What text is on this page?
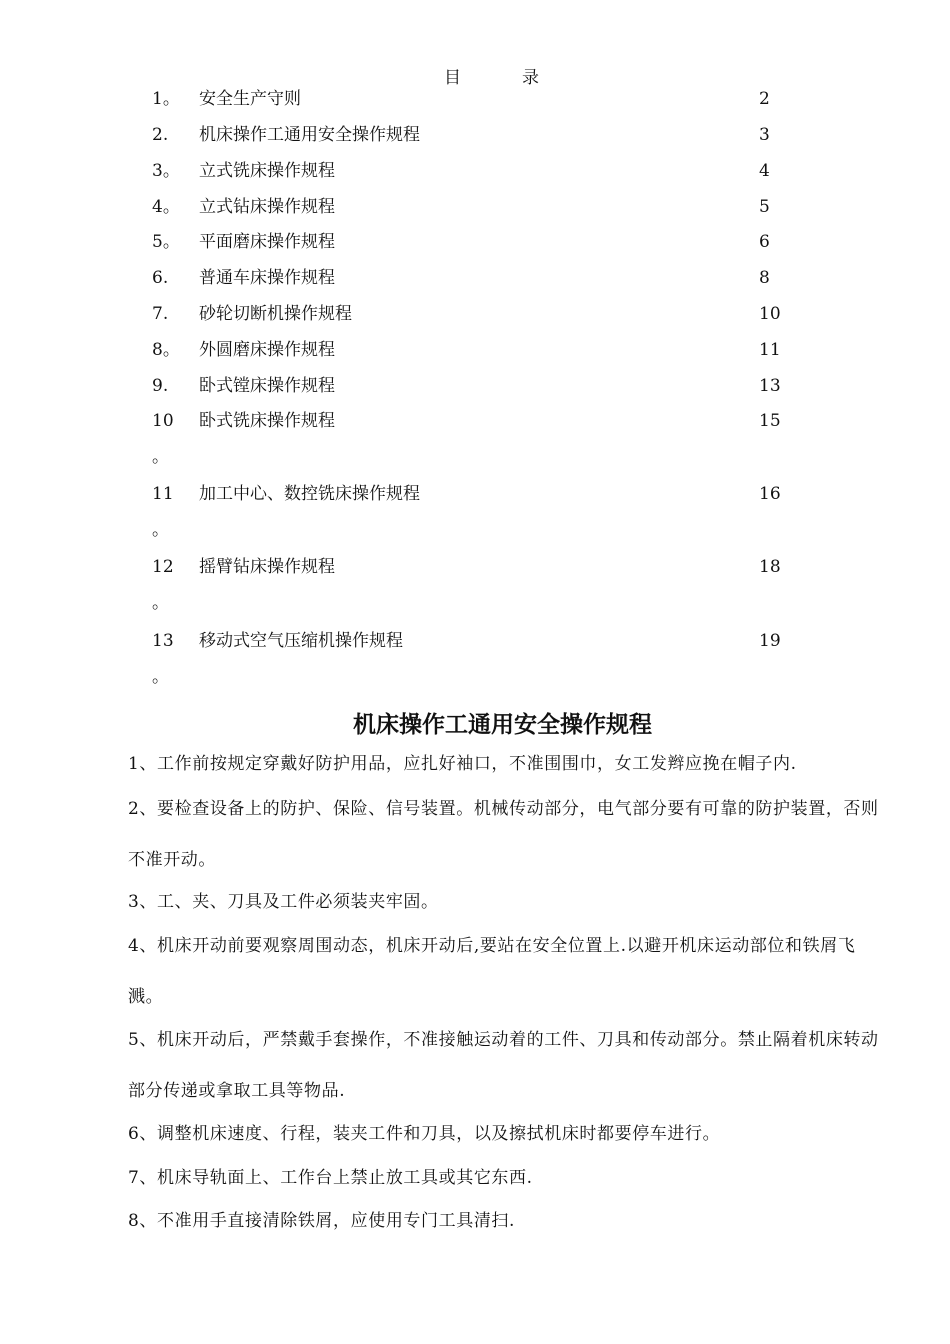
目　录
1。 安全生产守则	2
2. 机床操作工通用安全操作规程	3
3。 立式铣床操作规程	4
4。 立式钻床操作规程	5
5。 平面磨床操作规程	6
6. 普通车床操作规程	8
7. 砂轮切断机操作规程	10
8。 外圆磨床操作规程	11
9. 卧式镗床操作规程	13
10 卧式铣床操作规程	15
。
11 加工中心、数控铣床操作规程	16
。
12 摇臂钻床操作规程	18
。
13 移动式空气压缩机操作规程	19
。
机床操作工通用安全操作规程

1、工作前按规定穿戴好防护用品，应扎好袖口，不准围围巾，女工发辫应挽在帽子内.

2、要检查设备上的防护、保险、信号装置。机械传动部分，电气部分要有可靠的防护装置，否则不准开动。

3、工、夹、刀具及工件必须装夹牢固。

4、机床开动前要观察周围动态，机床开动后,要站在安全位置上.以避开机床运动部位和铁屑飞溅。

5、机床开动后，严禁戴手套操作，不准接触运动着的工件、刀具和传动部分。禁止隔着机床转动部分传递或拿取工具等物品.

6、调整机床速度、行程，装夹工件和刀具，以及擦拭机床时都要停车进行。

7、机床导轨面上、工作台上禁止放工具或其它东西.

8、不准用手直接清除铁屑，应使用专门工具清扫.
